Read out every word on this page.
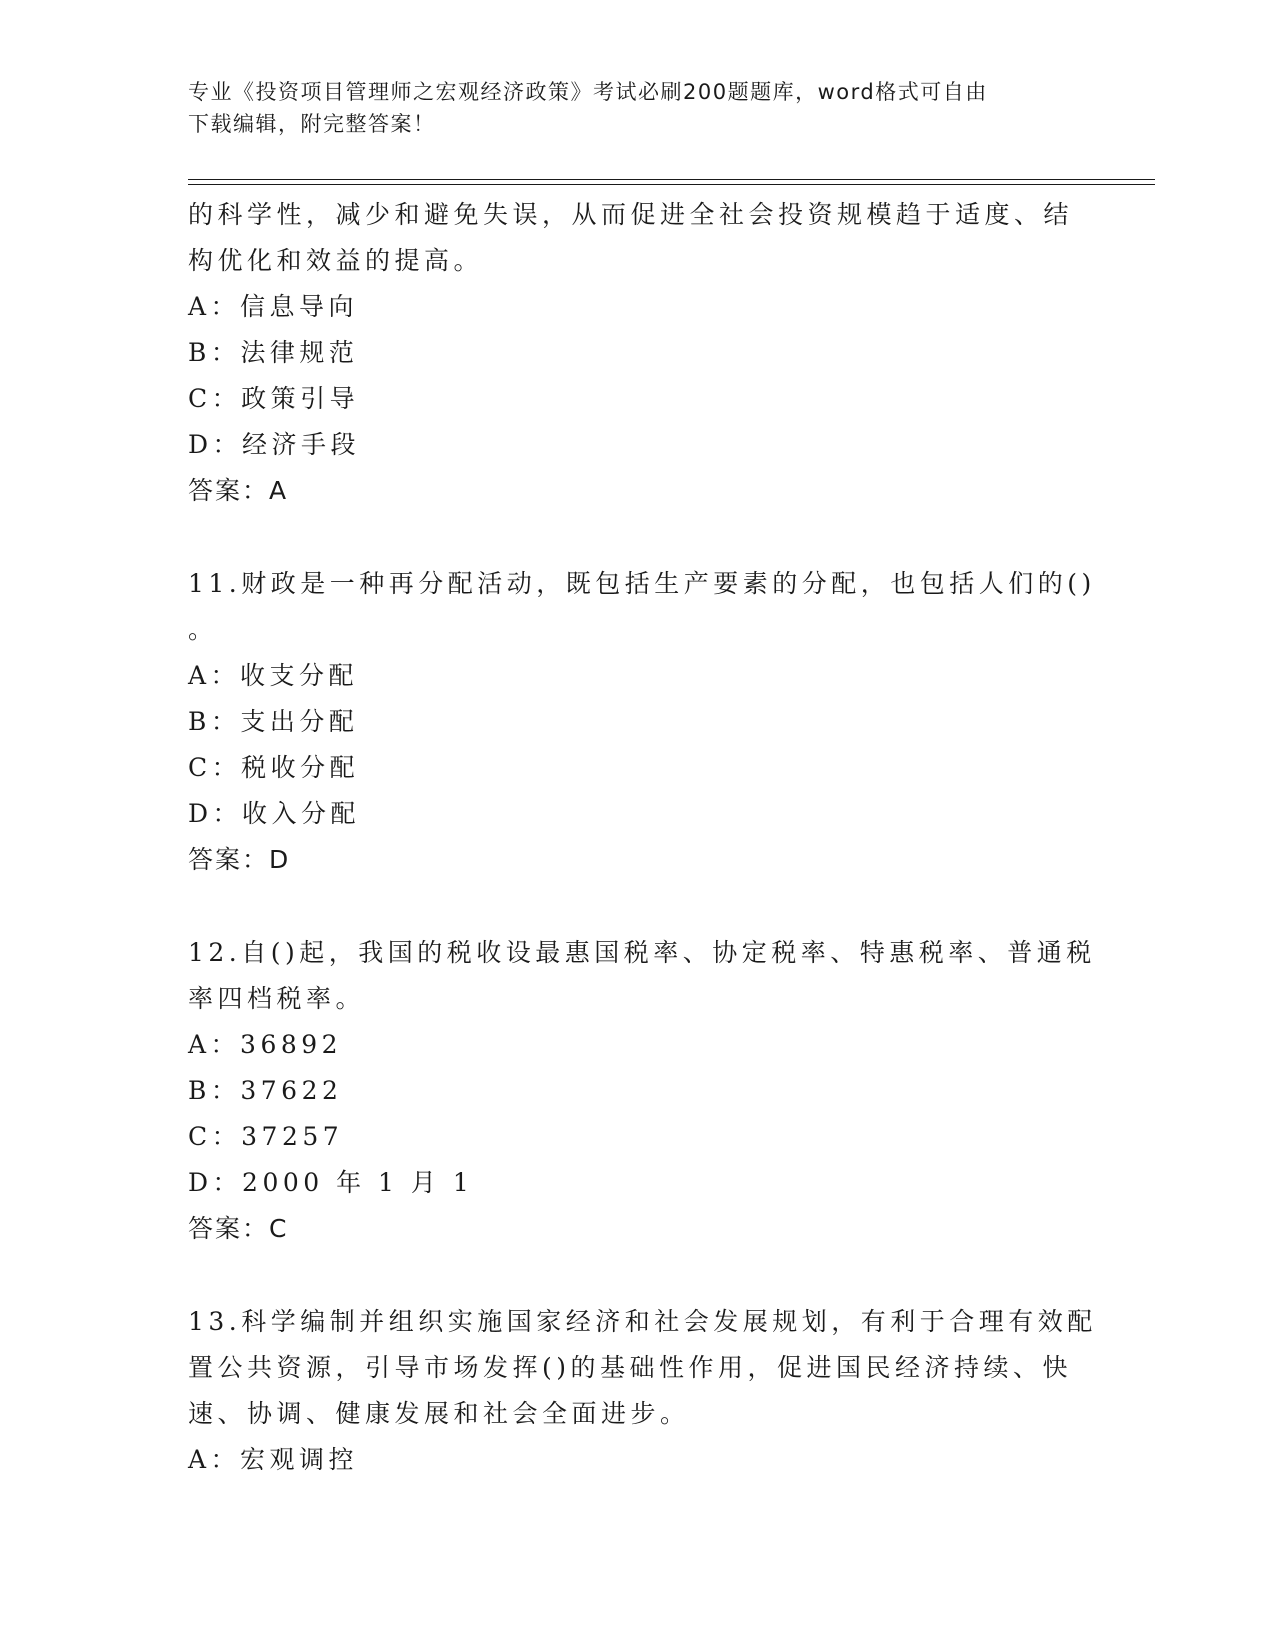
专业《投资项目管理师之宏观经济政策》考试必刷200题题库，word格式可自由
下载编辑，附完整答案！
的科学性，减少和避免失误，从而促进全社会投资规模趋于适度、结
构优化和效益的提高。
A：信息导向
B：法律规范
C：政策引导
D：经济手段
答案：A
11.财政是一种再分配活动，既包括生产要素的分配，也包括人们的()
。
A：收支分配
B：支出分配
C：税收分配
D：收入分配
答案：D
12.自()起，我国的税收设最惠国税率、协定税率、特惠税率、普通税
率四档税率。
A：36892
B：37622
C：37257
D：2000 年 1 月 1
答案：C
13.科学编制并组织实施国家经济和社会发展规划，有利于合理有效配
置公共资源，引导市场发挥()的基础性作用，促进国民经济持续、快
速、协调、健康发展和社会全面进步。
A：宏观调控
